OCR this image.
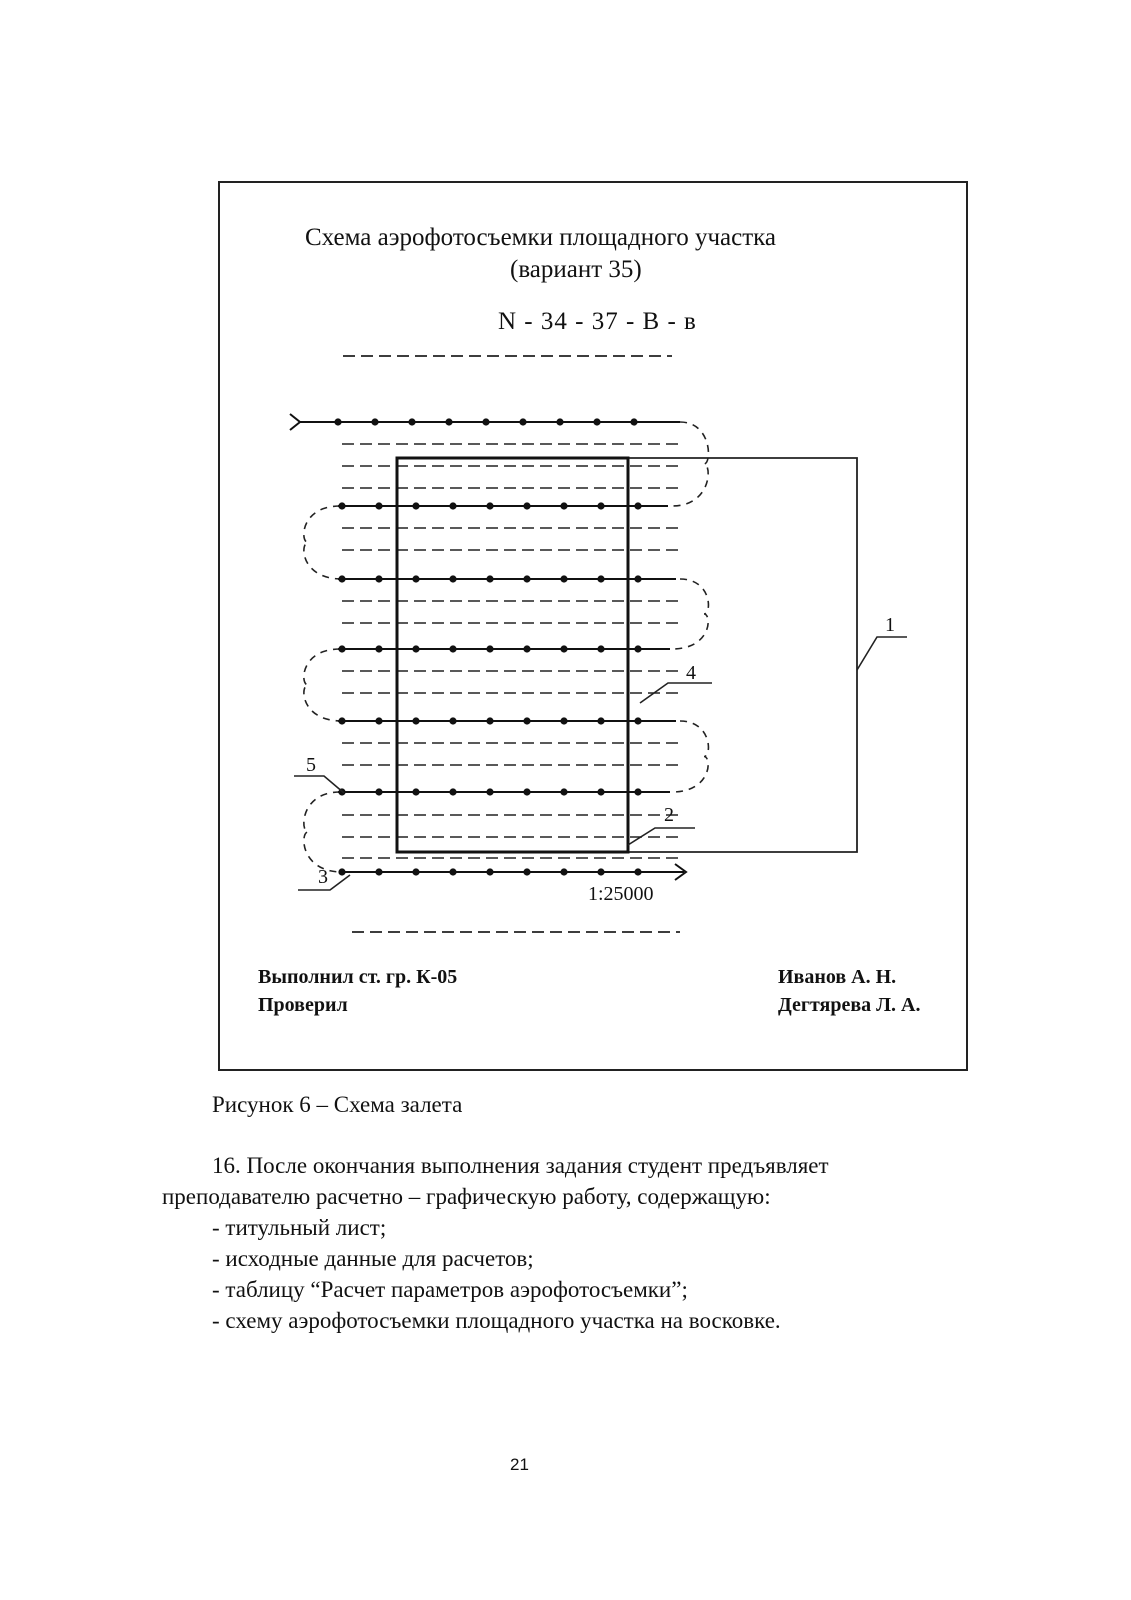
Схема аэрофотосъемки площадного участка
(вариант 35)
N - 34 - 37 - В - в
1:25000
1
2
3
4
5
Выполнил ст. гр. К-05
Проверил
Иванов А. Н.
Дегтярева Л. А.
Рисунок 6 – Схема залета
16. После окончания выполнения задания студент предъявляет
преподавателю расчетно – графическую работу, содержащую:
- титульный лист;
- исходные данные для расчетов;
- таблицу “Расчет параметров аэрофотосъемки”;
- схему аэрофотосъемки площадного участка на восковке.
21
